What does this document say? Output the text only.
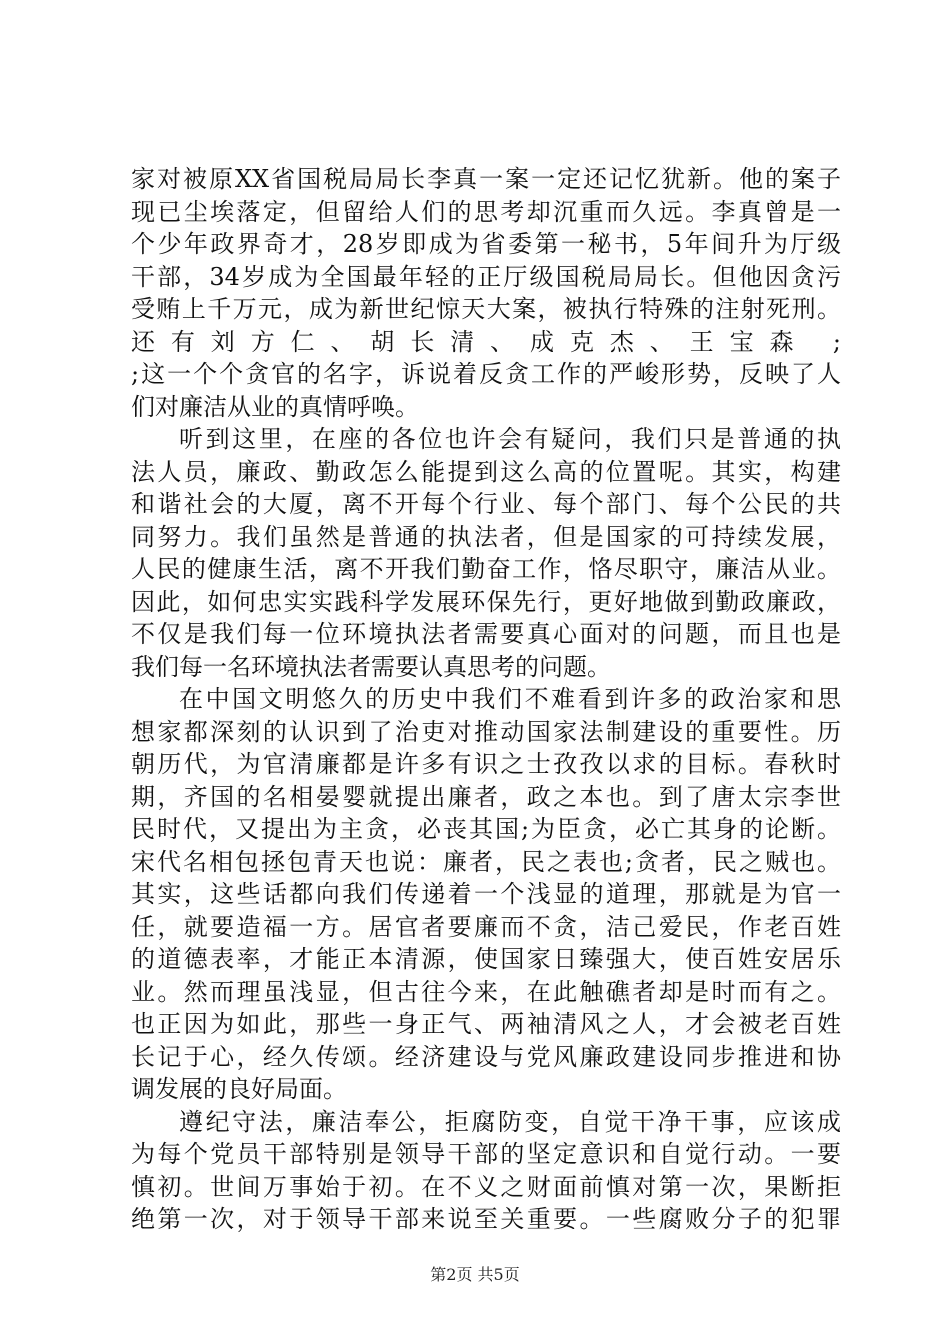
家对被原XX省国税局局长李真一案一定还记忆犹新。他的案子
现已尘埃落定，但留给人们的思考却沉重而久远。李真曾是一
个少年政界奇才，28岁即成为省委第一秘书，5年间升为厅级
干部，34岁成为全国最年轻的正厅级国税局局长。但他因贪污
受贿上千万元，成为新世纪惊天大案，被执行特殊的注射死刑。
还有刘方仁、胡长清、成克杰、王宝森 ;
;这一个个贪官的名字，诉说着反贪工作的严峻形势，反映了人
们对廉洁从业的真情呼唤。
听到这里，在座的各位也许会有疑问，我们只是普通的执
法人员，廉政、勤政怎么能提到这么高的位置呢。其实，构建
和谐社会的大厦，离不开每个行业、每个部门、每个公民的共
同努力。我们虽然是普通的执法者，但是国家的可持续发展，
人民的健康生活，离不开我们勤奋工作，恪尽职守，廉洁从业。
因此，如何忠实实践科学发展环保先行，更好地做到勤政廉政，
不仅是我们每一位环境执法者需要真心面对的问题，而且也是
我们每一名环境执法者需要认真思考的问题。
在中国文明悠久的历史中我们不难看到许多的政治家和思
想家都深刻的认识到了治吏对推动国家法制建设的重要性。历
朝历代，为官清廉都是许多有识之士孜孜以求的目标。春秋时
期，齐国的名相晏婴就提出廉者，政之本也。到了唐太宗李世
民时代，又提出为主贪，必丧其国;为臣贪，必亡其身的论断。
宋代名相包拯包青天也说：廉者，民之表也;贪者，民之贼也。
其实，这些话都向我们传递着一个浅显的道理，那就是为官一
任，就要造福一方。居官者要廉而不贪，洁己爱民，作老百姓
的道德表率，才能正本清源，使国家日臻强大，使百姓安居乐
业。然而理虽浅显，但古往今来，在此触礁者却是时而有之。
也正因为如此，那些一身正气、两袖清风之人，才会被老百姓
长记于心，经久传颂。经济建设与党风廉政建设同步推进和协
调发展的良好局面。
遵纪守法，廉洁奉公，拒腐防变，自觉干净干事，应该成
为每个党员干部特别是领导干部的坚定意识和自觉行动。一要
慎初。世间万事始于初。在不义之财面前慎对第一次，果断拒
绝第一次，对于领导干部来说至关重要。一些腐败分子的犯罪
第2页 共5页
